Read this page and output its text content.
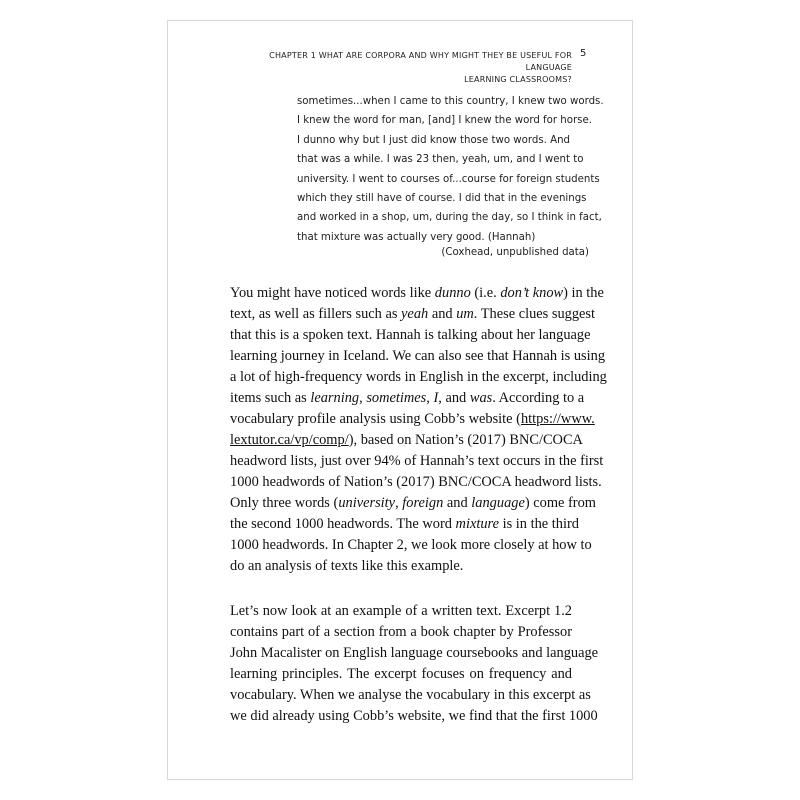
CHAPTER 1 WHAT ARE CORPORA AND WHY MIGHT THEY BE USEFUL FOR LANGUAGE
LEARNING CLASSROOMS?
5
sometimes...when I came to this country, I knew two words.
I knew the word for man, [and] I knew the word for horse.
I dunno why but I just did know those two words. And
that was a while. I was 23 then, yeah, um, and I went to
university. I went to courses of...course for foreign students
which they still have of course. I did that in the evenings
and worked in a shop, um, during the day, so I think in fact,
that mixture was actually very good. (Hannah)
(Coxhead, unpublished data)
You might have noticed words like dunno (i.e. don’t know) in the
text, as well as fillers such as yeah and um. These clues suggest
that this is a spoken text. Hannah is talking about her language
learning journey in Iceland. We can also see that Hannah is using
a lot of high-frequency words in English in the excerpt, including
items such as learning, sometimes, I, and was. According to a
vocabulary profile analysis using Cobb’s website (https://www.
lextutor.ca/vp/comp/), based on Nation’s (2017) BNC/COCA
headword lists, just over 94% of Hannah’s text occurs in the first
1000 headwords of Nation’s (2017) BNC/COCA headword lists.
Only three words (university, foreign and language) come from
the second 1000 headwords. The word mixture is in the third
1000 headwords. In Chapter 2, we look more closely at how to
do an analysis of texts like this example.
Let’s now look at an example of a written text. Excerpt 1.2
contains part of a section from a book chapter by Professor
John Macalister on English language coursebooks and language
learning principles. The excerpt focuses on frequency and
vocabulary. When we analyse the vocabulary in this excerpt as
we did already using Cobb’s website, we find that the first 1000
